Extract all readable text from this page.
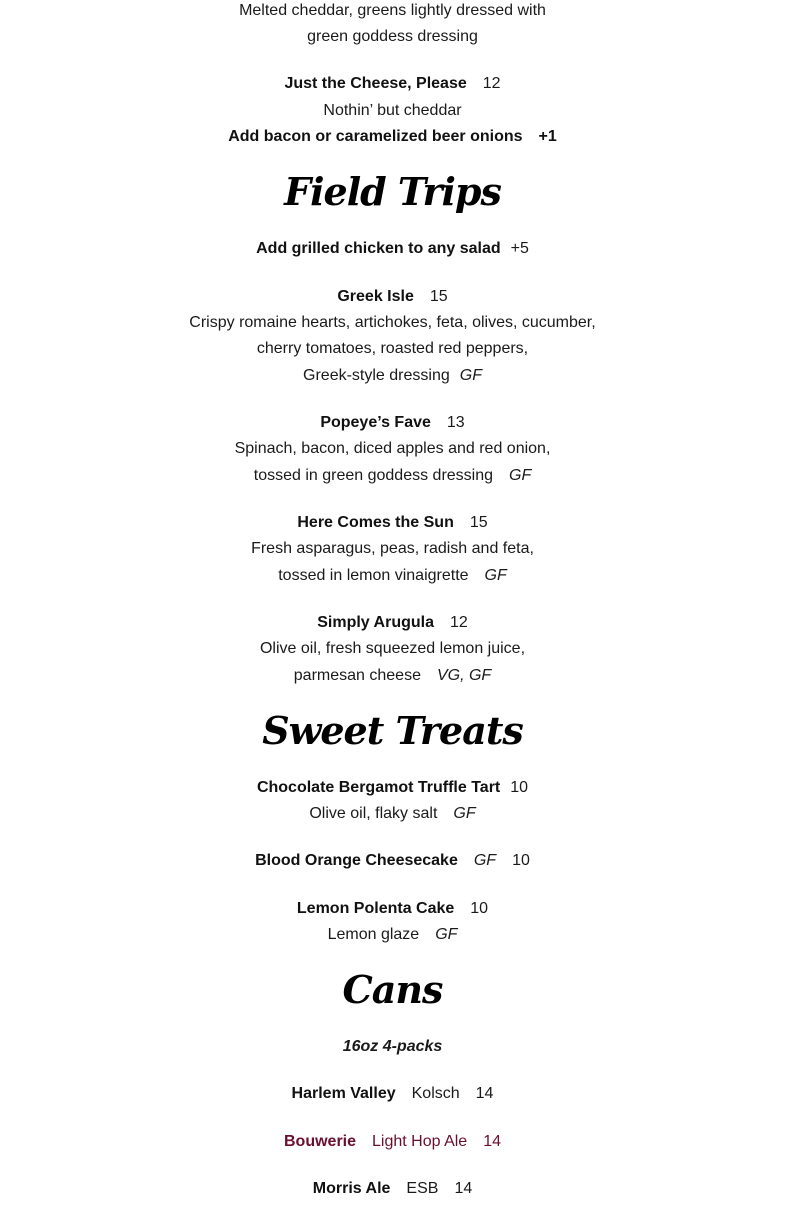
Melted cheddar, greens lightly dressed with
green goddess dressing
Just the Cheese, Please 12
Nothin’ but cheddar
Add bacon or caramelized beer onions +1
Field Trips
Add grilled chicken to any salad +5
Greek Isle 15
Crispy romaine hearts, artichokes, feta, olives, cucumber,
cherry tomatoes, roasted red peppers,
Greek-style dressing GF
Popeye’s Fave 13
Spinach, bacon, diced apples and red onion,
tossed in green goddess dressing GF
Here Comes the Sun 15
Fresh asparagus, peas, radish and feta,
tossed in lemon vinaigrette GF
Simply Arugula 12
Olive oil, fresh squeezed lemon juice,
parmesan cheese VG, GF
Sweet Treats
Chocolate Bergamot Truffle Tart 10
Olive oil, flaky salt GF
Blood Orange Cheesecake GF 10
Lemon Polenta Cake 10
Lemon glaze GF
Cans
16oz 4-packs
Harlem Valley Kolsch 14
Bouwerie Light Hop Ale 14
Morris Ale ESB 14
